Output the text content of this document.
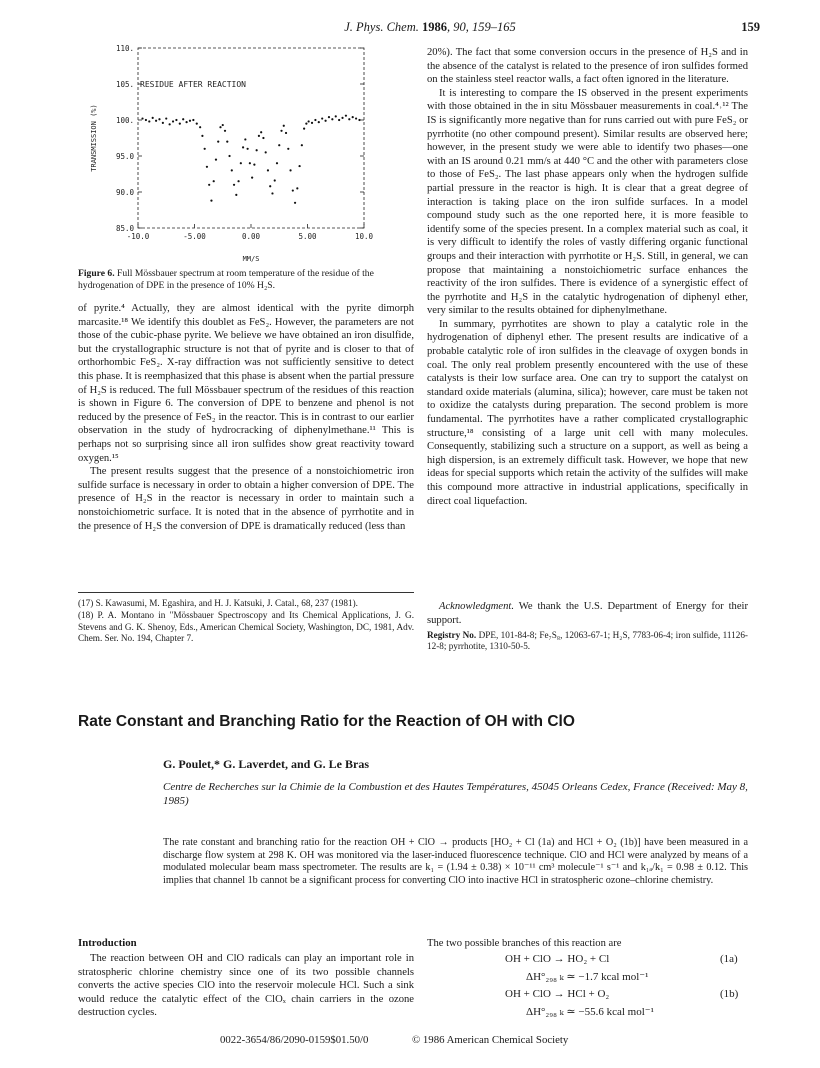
J. Phys. Chem. 1986, 90, 159–165	159
RESIDUE AFTER REACTION
85.0
90.0
95.0
100.
105.
110.
-10.0	-5.00	0.00	5.00	10.0
MM/S
TRANSMISSION (%)
Figure 6. Full Mössbauer spectrum at room temperature of the residue of the hydrogenation of DPE in the presence of 10% H₂S.

of pyrite.⁴ Actually, they are almost identical with the pyrite dimorph marcasite.¹⁸ We identify this doublet as FeS₂. However, the parameters are not those of the cubic-phase pyrite. We believe we have obtained an iron disulfide, but the crystallographic structure is not that of pyrite and is closer to that of orthorhombic FeS₂. X-ray diffraction was not sufficiently sensitive to detect this phase. It is reemphasized that this phase is absent when the partial pressure of H₂S is reduced. The full Mössbauer spectrum of the residues of this reaction is shown in Figure 6. The conversion of DPE to benzene and phenol is not reduced by the presence of FeS₂ in the reactor. This is in contrast to our earlier observation in the study of hydrocracking of diphenylmethane.¹¹ This is perhaps not so surprising since all iron sulfides show great reactivity toward oxygen.¹⁵

The present results suggest that the presence of a nonstoichiometric iron sulfide surface is necessary in order to obtain a higher conversion of DPE. The presence of H₂S in the reactor is necessary in order to maintain such a nonstoichiometric surface. It is noted that in the absence of pyrrhotite and in the presence of H₂S the conversion of DPE is dramatically reduced (less than

(17) S. Kawasumi, M. Egashira, and H. J. Katsuki, J. Catal., 68, 237 (1981).
(18) P. A. Montano in "Mössbauer Spectroscopy and Its Chemical Applications, J. G. Stevens and G. K. Shenoy, Eds., American Chemical Society, Washington, DC, 1981, Adv. Chem. Ser. No. 194, Chapter 7.

20%). The fact that some conversion occurs in the presence of H₂S and in the absence of the catalyst is related to the presence of iron sulfides formed on the stainless steel reactor walls, a fact often ignored in the literature.

It is interesting to compare the IS observed in the present experiments with those obtained in the in situ Mössbauer measurements in coal.⁴˒¹² The IS is significantly more negative than for runs carried out with pure FeS₂ or pyrrhotite (no other compound present). Similar results are observed here; however, in the present study we were able to identify two phases—one with an IS around 0.21 mm/s at 440 °C and the other with parameters close to those of FeS₂. The last phase appears only when the hydrogen sulfide partial pressure in the reactor is high. It is clear that a great degree of interaction is taking place on the iron sulfide surfaces. In a model compound study such as the one reported here, it is more feasible to identify some of the species present. In a complex material such as coal, it is very difficult to identify the roles of vastly differing organic functional groups and their interaction with pyrrhotite or H₂S. Still, in general, we can propose that maintaining a nonstoichiometric surface enhances the reactivity of the iron sulfides. There is evidence of a synergistic effect of the pyrrhotite and H₂S in the catalytic hydrogenation of diphenyl ether, very similar to the results obtained for diphenylmethane.

In summary, pyrrhotites are shown to play a catalytic role in the hydrogenation of diphenyl ether. The present results are indicative of a probable catalytic role of iron sulfides in the cleavage of oxygen bonds in coal. The only real problem presently encountered with the use of these catalysts is their low surface area. One can try to support the catalyst on standard oxide materials (alumina, silica); however, care must be taken not to oxidize the catalysts during preparation. The second problem is more fundamental. The pyrrhotites have a rather complicated crystallographic structure,¹⁸ consisting of a large unit cell with many molecules. Consequently, stabilizing such a structure on a support, as well as being a high dispersion, is an extremely difficult task. However, we hope that new ideas for special supports which retain the activity of the sulfides will make this compound more attractive in industrial applications, specifically in direct coal liquefaction.

Acknowledgment. We thank the U.S. Department of Energy for their support.

Registry No. DPE, 101-84-8; Fe₇S₈, 12063-67-1; H₂S, 7783-06-4; iron sulfide, 11126-12-8; pyrrhotite, 1310-50-5.
Rate Constant and Branching Ratio for the Reaction of OH with ClO
G. Poulet,* G. Laverdet, and G. Le Bras
Centre de Recherches sur la Chimie de la Combustion et des Hautes Températures, 45045 Orleans Cedex, France (Received: May 8, 1985)
The rate constant and branching ratio for the reaction OH + ClO → products [HO₂ + Cl (1a) and HCl + O₂ (1b)] have been measured in a discharge flow system at 298 K. OH was monitored via the laser-induced fluorescence technique. ClO and HCl were analyzed by means of a modulated molecular beam mass spectrometer. The results are k₁ = (1.94 ± 0.38) × 10⁻¹¹ cm³ molecule⁻¹ s⁻¹ and k₁ₐ/k₁ = 0.98 ± 0.12. This implies that channel 1b cannot be a significant process for converting ClO into inactive HCl in stratospheric ozone–chlorine chemistry.
Introduction

The reaction between OH and ClO radicals can play an important role in stratospheric chlorine chemistry since one of its two possible channels converts the active species ClO into the reservoir molecule HCl. Such a sink would reduce the catalytic effect of the ClOₓ chain carriers in the ozone destruction cycles.

The two possible branches of this reaction are

OH + ClO → HO₂ + Cl	(1a)
ΔH°₂₉₈ ₖ ≃ −1.7 kcal mol⁻¹
OH + ClO → HCl + O₂	(1b)
ΔH°₂₉₈ ₖ ≃ −55.6 kcal mol⁻¹
0022-3654/86/2090-0159$01.50/0	© 1986 American Chemical Society
